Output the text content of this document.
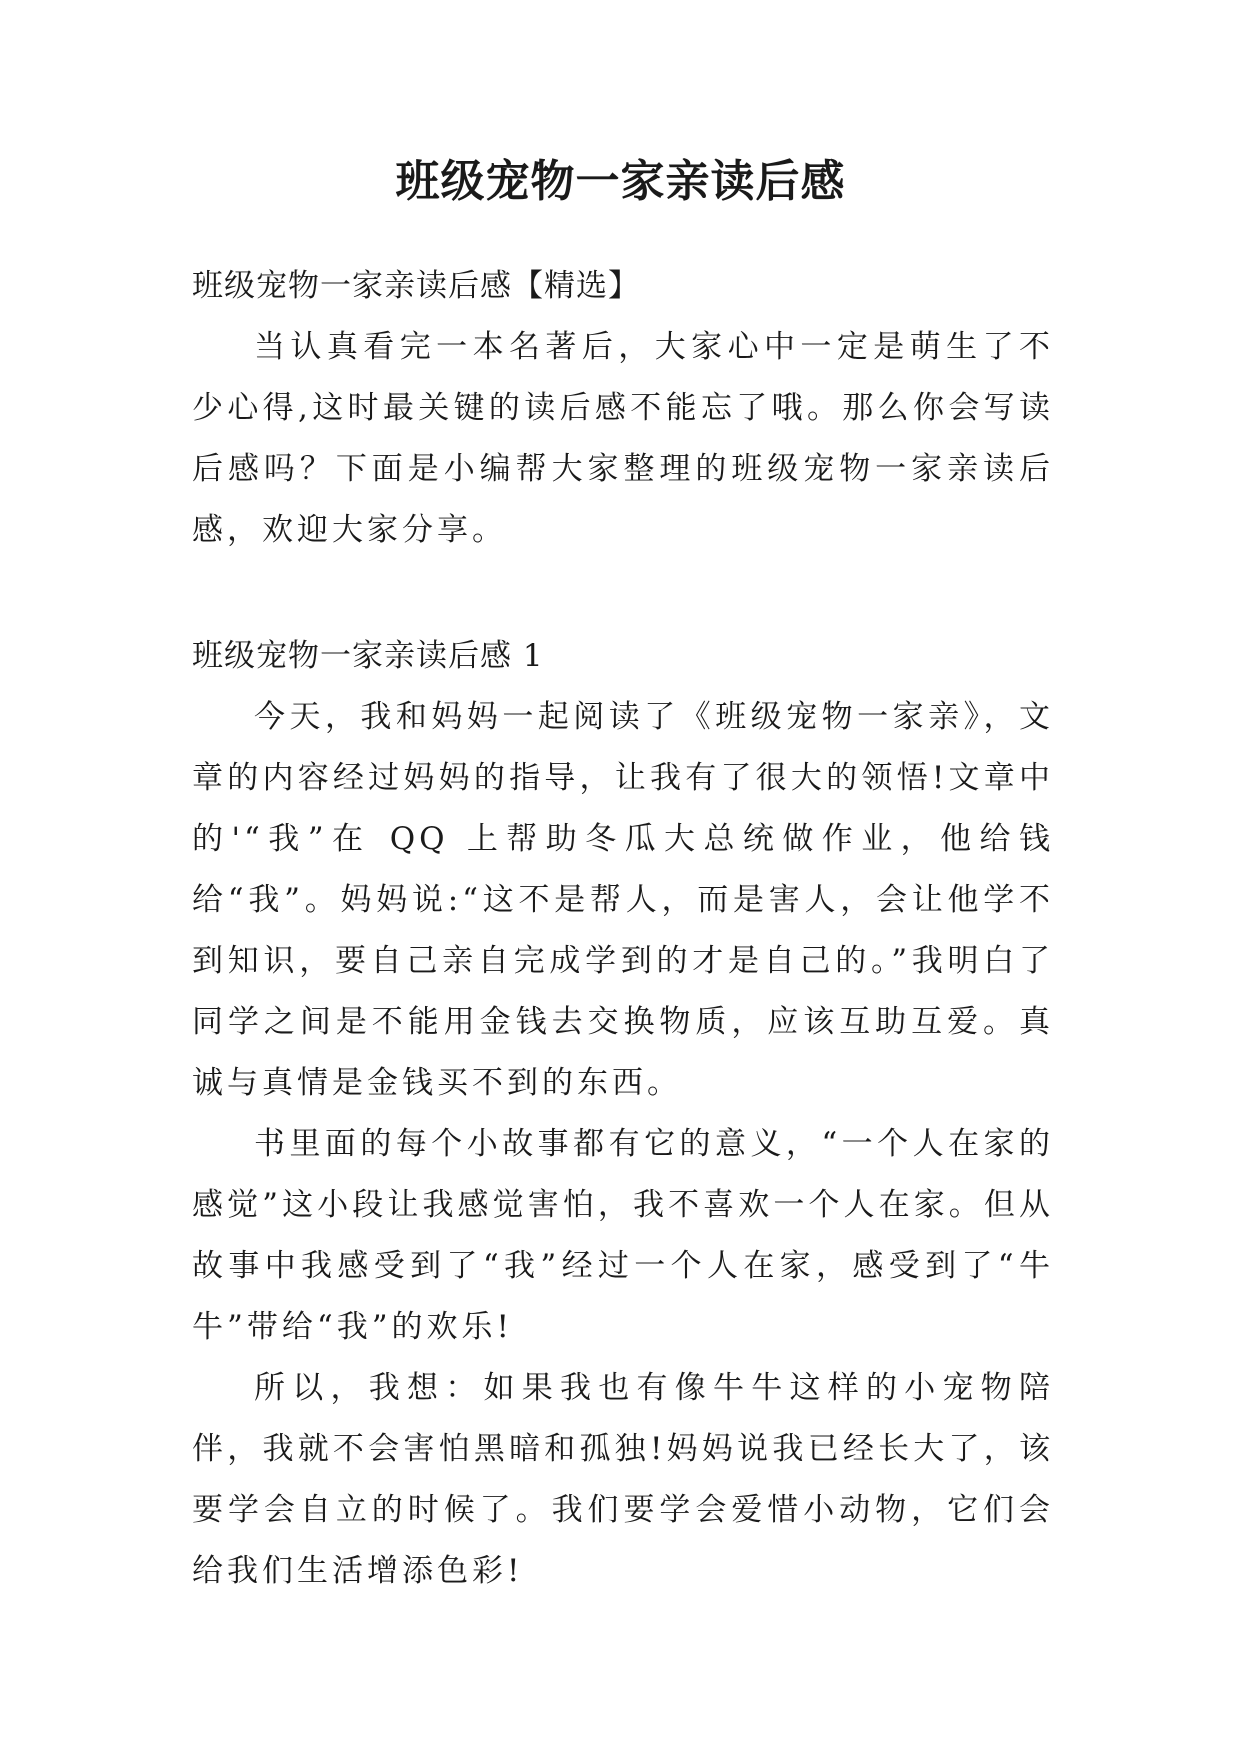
班级宠物一家亲读后感

班级宠物一家亲读后感【精选】

当认真看完一本名著后，大家心中一定是萌生了不少心得,这时最关键的读后感不能忘了哦。那么你会写读后感吗？下面是小编帮大家整理的班级宠物一家亲读后感，欢迎大家分享。

班级宠物一家亲读后感 1

今天，我和妈妈一起阅读了《班级宠物一家亲》，文章的内容经过妈妈的指导，让我有了很大的领悟!文章中的'“我”在 QQ 上帮助冬瓜大总统做作业，他给钱给“我”。妈妈说:“这不是帮人，而是害人，会让他学不到知识，要自己亲自完成学到的才是自己的。”我明白了同学之间是不能用金钱去交换物质，应该互助互爱。真诚与真情是金钱买不到的东西。

书里面的每个小故事都有它的意义，“一个人在家的感觉”这小段让我感觉害怕，我不喜欢一个人在家。但从故事中我感受到了“我”经过一个人在家，感受到了“牛牛”带给“我”的欢乐!

所以，我想：如果我也有像牛牛这样的小宠物陪伴，我就不会害怕黑暗和孤独!妈妈说我已经长大了，该要学会自立的时候了。我们要学会爱惜小动物，它们会给我们生活增添色彩!
